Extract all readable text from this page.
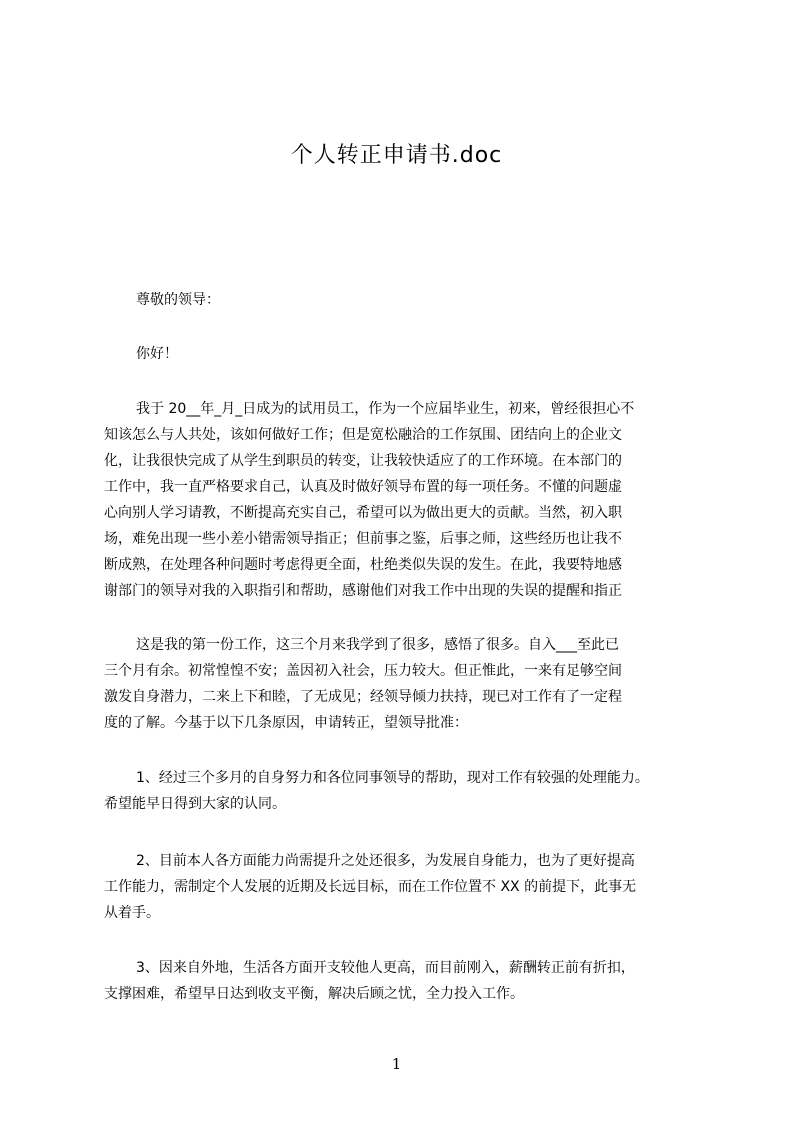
个人转正申请书.doc
尊敬的领导：
你好！
我于 20__年_月_日成为的试用员工，作为一个应届毕业生，初来，曾经很担心不
知该怎么与人共处，该如何做好工作；但是宽松融洽的工作氛围、团结向上的企业文
化，让我很快完成了从学生到职员的转变，让我较快适应了的工作环境。在本部门的
工作中，我一直严格要求自己，认真及时做好领导布置的每一项任务。不懂的问题虚
心向别人学习请教，不断提高充实自己，希望可以为做出更大的贡献。当然，初入职
场，难免出现一些小差小错需领导指正；但前事之鉴，后事之师，这些经历也让我不
断成熟，在处理各种问题时考虑得更全面，杜绝类似失误的发生。在此，我要特地感
谢部门的领导对我的入职指引和帮助，感谢他们对我工作中出现的失误的提醒和指正
这是我的第一份工作，这三个月来我学到了很多，感悟了很多。自入___至此已
三个月有余。初常惶惶不安；盖因初入社会，压力较大。但正惟此，一来有足够空间
激发自身潜力，二来上下和睦，了无成见；经领导倾力扶持，现已对工作有了一定程
度的了解。今基于以下几条原因，申请转正，望领导批准：
1、经过三个多月的自身努力和各位同事领导的帮助，现对工作有较强的处理能力。
希望能早日得到大家的认同。
2、目前本人各方面能力尚需提升之处还很多，为发展自身能力，也为了更好提高
工作能力，需制定个人发展的近期及长远目标，而在工作位置不 XX 的前提下，此事无
从着手。
3、因来自外地，生活各方面开支较他人更高，而目前刚入，薪酬转正前有折扣，
支撑困难，希望早日达到收支平衡，解决后顾之忧，全力投入工作。
1
